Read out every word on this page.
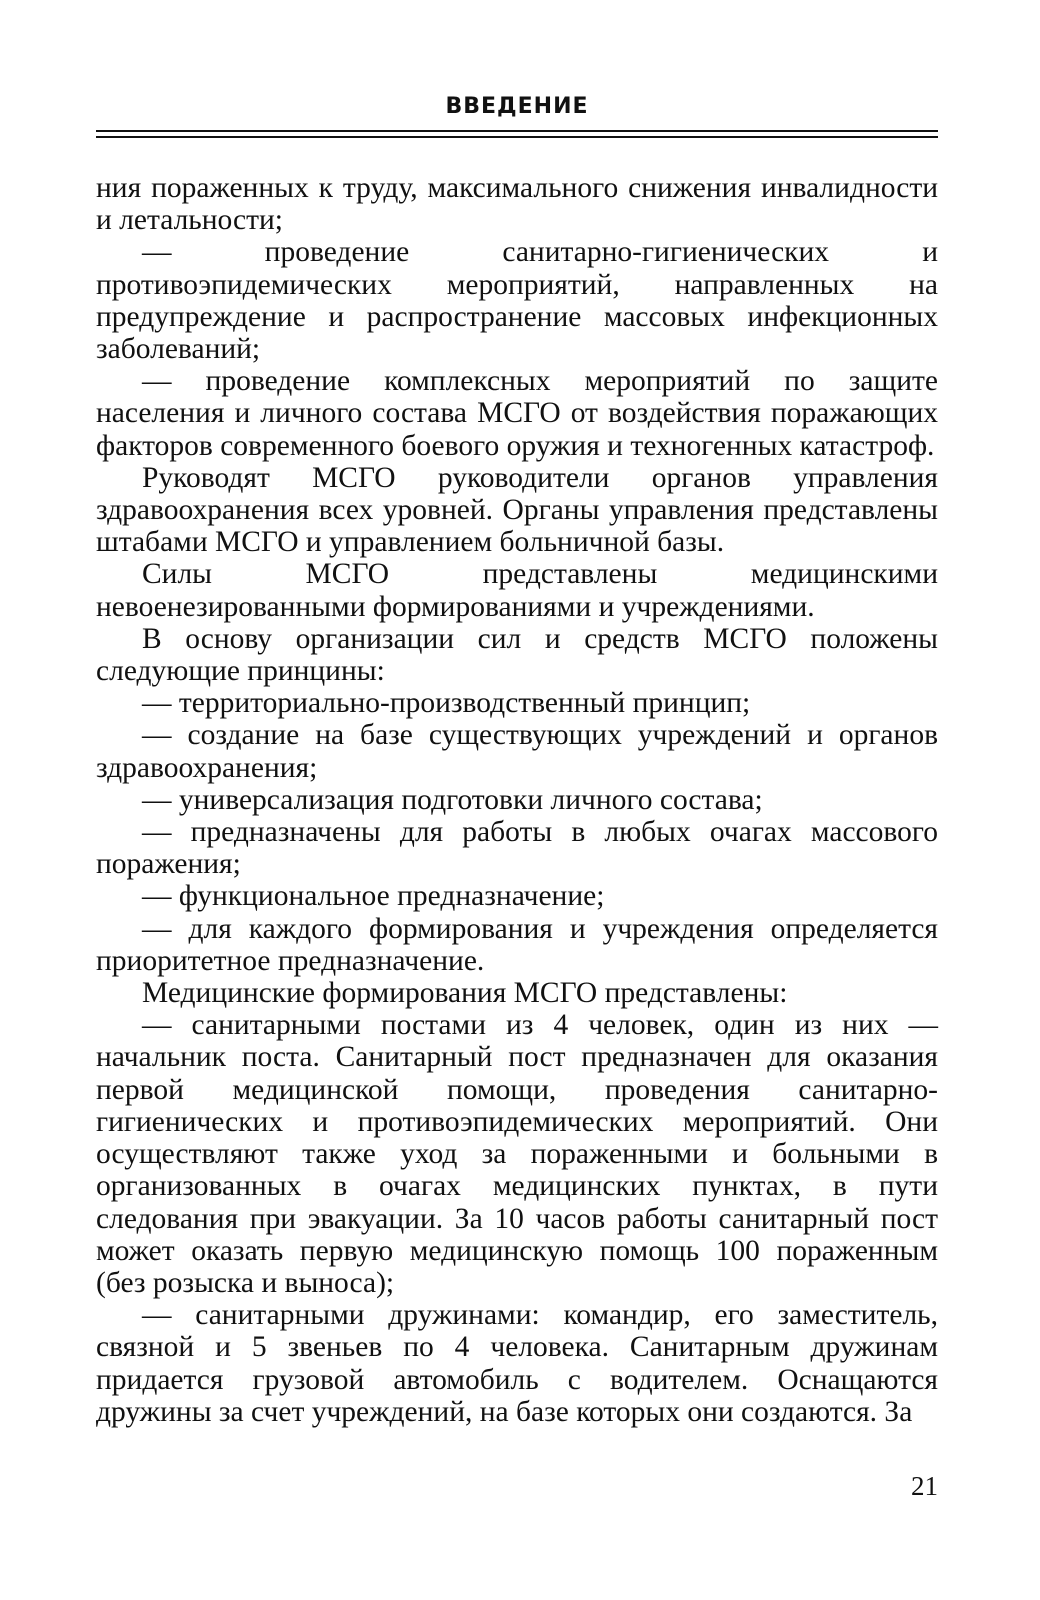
ВВЕДЕНИЕ

ния пораженных к труду, максимального снижения инвалидности и летальности;

— проведение санитарно-гигиенических и противоэпидемических мероприятий, направленных на предупреждение и распространение массовых инфекционных заболеваний;

— проведение комплексных мероприятий по защите населения и личного состава МСГО от воздействия поражающих факторов современного боевого оружия и техногенных катастроф.

Руководят МСГО руководители органов управления здравоохранения всех уровней. Органы управления представлены штабами МСГО и управлением больничной базы.

Силы МСГО представлены медицинскими невоенезированными формированиями и учреждениями.

В основу организации сил и средств МСГО положены следующие принцины:

— территориально-производственный принцип;

— создание на базе существующих учреждений и органов здравоохранения;

— универсализация подготовки личного состава;

— предназначены для работы в любых очагах массового поражения;

— функциональное предназначение;

— для каждого формирования и учреждения определяется приоритетное предназначение.

Медицинские формирования МСГО представлены:

— санитарными постами из 4 человек, один из них — начальник поста. Санитарный пост предназначен для оказания первой медицинской помощи, проведения санитарно-гигиенических и противоэпидемических мероприятий. Они осуществляют также уход за пораженными и больными в организованных в очагах медицинских пунктах, в пути следования при эвакуации. За 10 часов работы санитарный пост может оказать первую медицинскую помощь 100 пораженным (без розыска и выноса);

— санитарными дружинами: командир, его заместитель, связной и 5 звеньев по 4 человека. Санитарным дружинам придается грузовой автомобиль с водителем. Оснащаются дружины за счет учреждений, на базе которых они создаются. За

21
